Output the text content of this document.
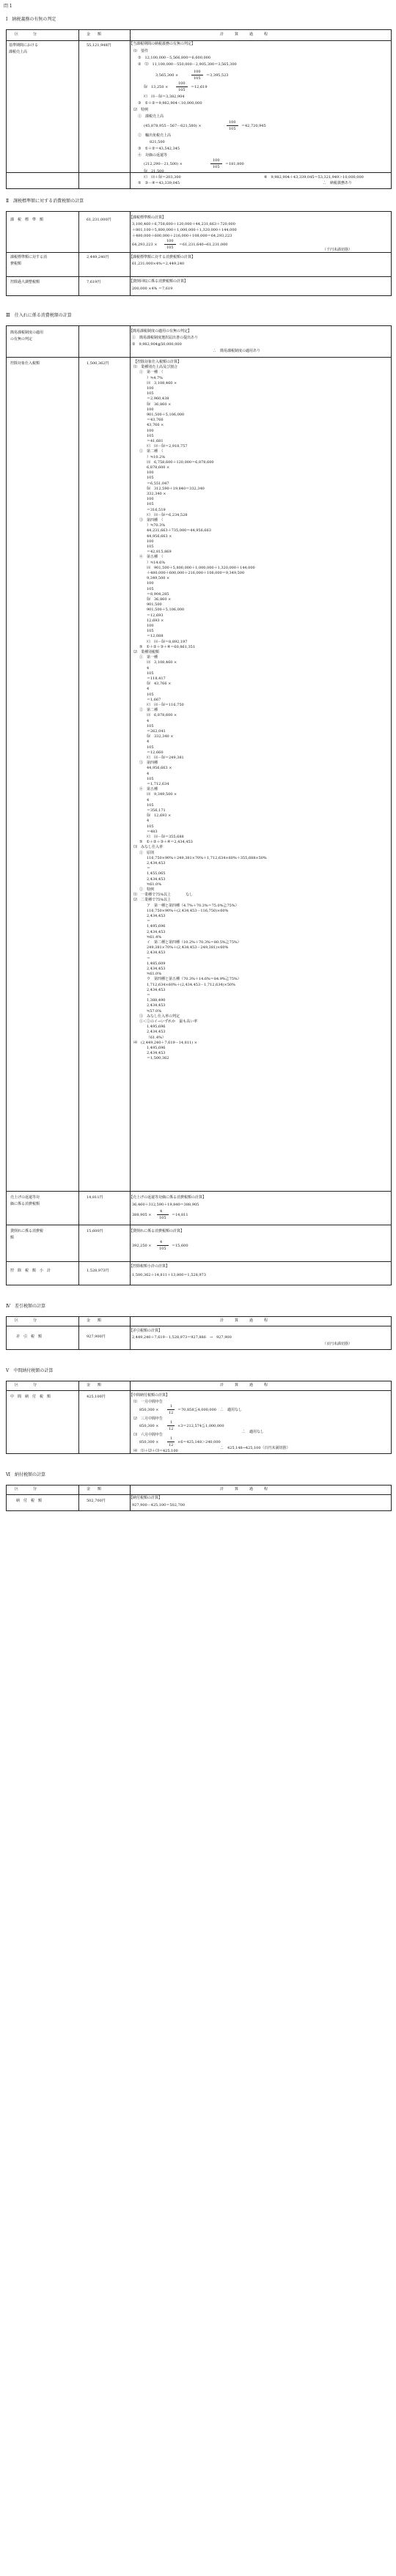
問 1
Ⅰ　納税義務の有無の判定
区　　　　分	金　　額	計　　　算　　　過　　　程
基準期間における
課税売上高
55,121,948円	【当課税期間の納税義務の有無の判定】
⑴　要件
①　12,100,000－5,566,800＝6,600,000
②　⑴　11,100,000－550,000－2,905,300＝3,565,300
3,565,300 ×
100
105
＝3,395,523
⒝　13,250 ×
100
105
＝12,619
⒞　⒜－⒝＝3,382,904
③　①＋②＝9,982,904＜10,000,000
⑵　特例
①　課税売上高
(45,878,955－567－621,580) ×
100
105
＝42,720,945
②　輸出免税売上高
821,500
③　①＋②＝43,542,345
④　対価の返還等
(212,290－21,500) ×
100
105
＝181,800
⒝　21,500
⒞　⒜＋⒝＝203,300
⑤　③－④＝43,339,045
⑥　9,982,904＋43,339,045＝53,321,949＞10,000,000
∴　納税義務あり
Ⅱ　課税標準額に対する消費税額の計算
課　税　標　準　額	61,231,000円	【課税標準額の計算】
3,100,460＋6,758,600＋120,000＋44,231,663＋720,000
＋801,100＋5,800,000＋1,000,000＋1,320,000＋144,000
＋480,000＋600,000＋216,000＋108,000＝64,293,223
64,293,223 ×
100
105
＝61,231,640→61,231,000
（千円未満切捨）
課税標準額に対する消
費税額
2,449,240円	【課税標準額に対する消費税額の計算】
61,231,000×4%＝2,449,240
控除過大調整税額	7,619円	【貸倒回収に係る消費税額の計算】
200,000 ×4% ＝7,619
Ⅲ　仕入れに係る消費税額の計算
簡易課税制度の適用
の有無の判定
【簡易課税制度の適用の有無の判定】
①　簡易課税制度選択届出書の提出あり
②　9,982,904≦50,000,000
∴　簡易課税制度の適用あり
控除対象仕入税額	1,500,362円	【控除対象仕入税額の計算】
⑴　業種別売上高及び割合
①　第一種　（
）≒4.7%
⒜　3,108,460 ×
100
105
＝2,960,438
⒝　36,860 ×
100
901,500＋5,106,000
＝43,766
43,766 ×
100
105
＝41,681
⒞　⒜－⒝＝2,918,757
②　第二種　（
）≒10.2%
⒜　6,758,600＋120,000＝6,878,600
6,878,600 ×
100
105
＝6,551,047
⒝　312,590＋19,840＝332,340
332,340 ×
100
105
＝316,519
⒞　⒜－⒝＝6,234,528
③　第四種　（
）≒70.3%
44,231,663＋735,000＝44,956,663
44,956,663 ×
100
105
＝42,815,869
④　第五種　（
）≒14.6%
⒜　901,500＋5,800,000＋1,000,000＋1,320,000＋144,000
＋480,000＋600,000＋216,000＋108,000＝9,349,500
9,349,500 ×
100
105
＝8,904,285
⒝　36,860 ×
901,500
901,500＋5,106,000
＝12,693
12,693 ×
100
105
＝12,088
⒞　⒜－⒝＝8,892,197
⑤　①＋②＋③＋④＝60,861,351
⑵　業種別税額
①　第一種
⒜　3,108,460 ×
4
105
＝118,417
⒝　43,766 ×
4
105
＝1,667
⒞　⒜－⒝＝116,750
②　第二種
⒜　6,878,600 ×
4
105
＝262,041
⒝　332,340 ×
4
105
＝12,660
⒞　⒜－⒝＝249,381
③　第四種
44,956,663 ×
4
105
＝1,712,634
④　第五種
⒜　9,349,500 ×
4
105
＝356,171
⒝　12,693 ×
4
105
＝483
⒞　⒜－⒝＝355,688
⑤　①＋②＋③＋④＝2,434,453
⑶　みなし仕入率
①　原則
116,750×90%＋249,381×70%＋1,712,634×60%＋355,688×50%
2,434,453
＝
1,455,065
2,434,453
≒61.0%
②　特例
⑴　一業種で75%以上　　　　なし
⑵　二業種で75%以上
ア　第一種と第四種（4.7%＋70.3%＝75.0%≧75%）
116,750×90%＋(2,434,453－116,750)×60%
2,434,453
＝
1,495,696
2,434,453
≒61.4%
イ　第二種と第四種（10.2%＋70.3%＝80.5%≧75%）
249,381×70%＋(2,434,453－249,381)×60%
2,434,453
＝
1,485,609
2,434,453
≒61.0%
ウ　第四種と第五種（70.3%＋14.6%＝84.9%≧75%）
1,712,634×60%＋(2,434,453－1,712,634)×50%
2,434,453
＝
1,388,490
2,434,453
≒57.0%
③　みなし仕入率の判定
①＜②のイ→いずれか　最も高い率
1,495,696
2,434,453
（61.4%）
⑷　(2,449,240＋7,619－14,811) ×
1,495,696
2,434,453
＝1,500,362
売上げの返還等対
価に係る消費税額
14,811円	【売上げの返還等対価に係る消費税額の計算】
36,460＋312,590＋19,840＝388,905
388,905 ×
4
105
＝14,811
貸倒れに係る消費税
額
15,600円	【貸倒れに係る消費税額の計算】
392,250 ×
4
105
＝15,600
控　除　税　額　小　計	1,528,973円
【控除税額小計の計算】
1,500,362＋14,811＋13,800＝1,528,973
Ⅳ　差引税額の計算
区　　　　分	金　　額	計　　　算　　　過　　　程
差　引　税　額	927,900円
【差引税額の計算】
2,449,240＋7,619－1,528,973＝927,886　→　927,900
（百円未満切捨）
Ⅴ　中間納付税額の計算
区　　　　分	金　　額	計　　　算　　　過　　　程
中　間　納　付　税　額	425,100円	【中間納付税額の計算】
⑴　一月中間申告
850,300 ×
1
12
＝70,858≦4,000,000　∴　適用なし
⑵　三月中間申告
850,300 ×
1
12
×3＝212,574≦1,000,000
∴　適用なし
⑶　六月中間申告
850,300 ×
1
12
×6＝425,148＞240,000
∴　425,148→425,100（百円未満切捨）
⑷　⑴＋⑵＋⑶＝425,100
Ⅵ　納付税額の計算
区　　　　分	金　　額	計　　　算　　　過　　　程
納　付　税　額	502,700円
【納付税額の計算】
927,900－425,100＝502,700
